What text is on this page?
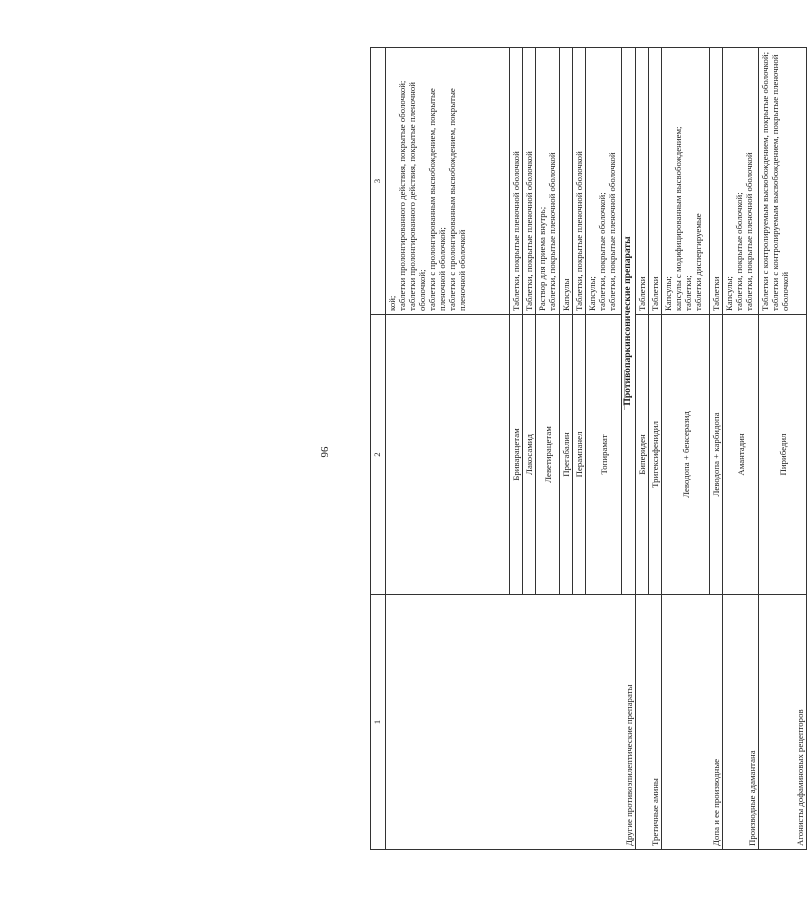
96
1	2	3
Другие противоэпилептические препараты		кой;
таблетки пролонгированного действия, покрытые оболочкой;
таблетки пролонгированного действия, покрытые пленочной оболочкой;
таблетки с пролонгированным высвобождением, покрытые пленочной оболочкой;
таблетки с пролонгированным высвобождением, покрытые пленочной оболочкой
	Бриварацетам	Таблетки, покрытые пленочной оболочкой
	Лакосамид	Таблетки, покрытые пленочной оболочкой
	Леветирацетам	Раствор для приема внутрь;
таблетки, покрытые пленочной оболочкой
	Прегабалин	Капсулы
	Перампанел	Таблетки, покрытые пленочной оболочкой
	Топирамат	Капсулы;
таблетки, покрытые оболочкой;
таблетки, покрытые пленочной оболочкой
	Противопаркинсонические препараты	
Третичные амины	Бипериден	Таблетки
	Тригексифенидил	Таблетки
Допа и ее производные	Леводопа + бенсеразид	Капсулы;
капсулы с модифицированным высвобождением;
таблетки;
таблетки диспергируемые
	Леводопа + карбидопа	Таблетки
Производные адамантана	Амантадин	Капсулы;
таблетки, покрытые оболочкой;
таблетки, покрытые пленочной оболочкой
Агонисты дофаминовых рецепторов	Пирибедил	Таблетки с контролируемым высвобождением, покрытые оболочкой;
таблетки с контролируемым высвобождением, покрытые пленочной оболочкой
